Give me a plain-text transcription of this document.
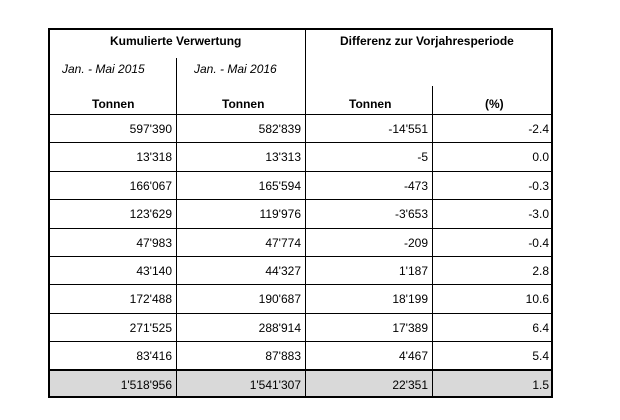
Kumulierte Verwertung	Differenz zur Vorjahresperiode
Jan. - Mai 2015	Jan. - Mai 2016
Tonnen	Tonnen	Tonnen	(%)
597'390	582'839	-14'551	-2.4
13'318	13'313	-5	0.0
166'067	165'594	-473	-0.3
123'629	119'976	-3'653	-3.0
47'983	47'774	-209	-0.4
43'140	44'327	1'187	2.8
172'488	190'687	18'199	10.6
271'525	288'914	17'389	6.4
83'416	87'883	4'467	5.4
1'518'956	1'541'307	22'351	1.5
